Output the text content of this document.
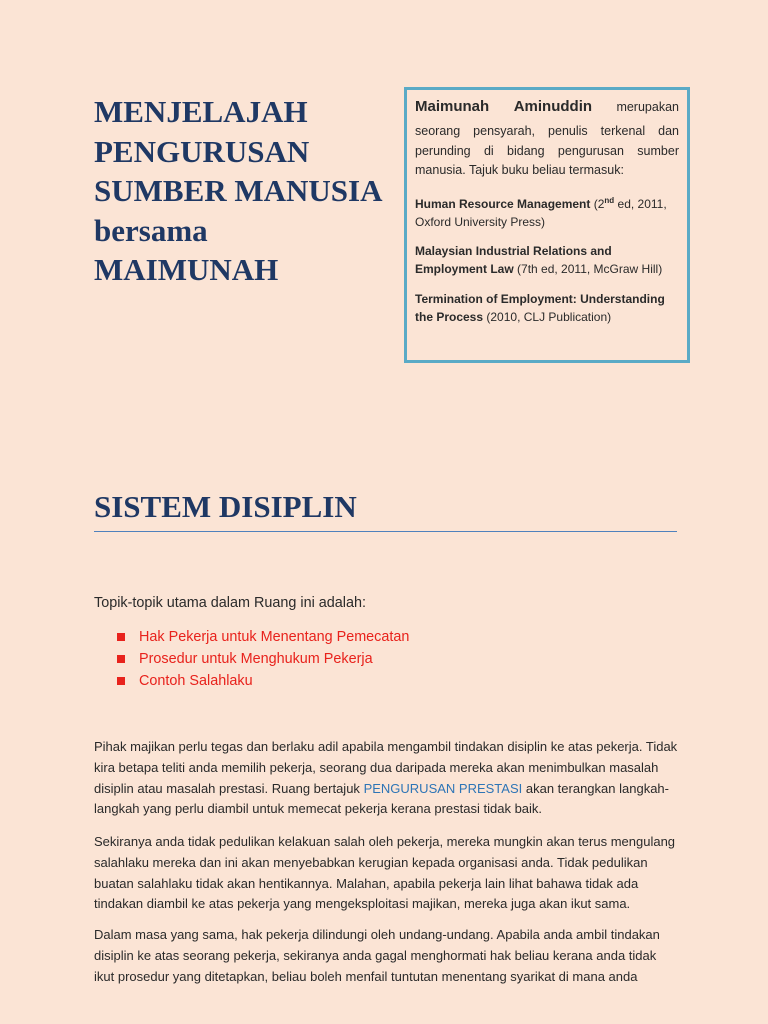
MENJELAJAH
PENGURUSAN
SUMBER MANUSIA
bersama
MAIMUNAH
Maimunah Aminuddin merupakan
seorang pensyarah, penulis terkenal dan
perunding di bidang pengurusan sumber
manusia. Tajuk buku beliau termasuk:
Human Resource Management (2nd ed, 2011,
Oxford University Press)
Malaysian Industrial Relations and
Employment Law (7th ed, 2011, McGraw Hill)
Termination of Employment: Understanding
the Process (2010, CLJ Publication)
SISTEM DISIPLIN
Topik-topik utama dalam Ruang ini adalah:
Hak Pekerja untuk Menentang Pemecatan
Prosedur untuk Menghukum Pekerja
Contoh Salahlaku
Pihak majikan perlu tegas dan berlaku adil apabila mengambil tindakan disiplin ke atas pekerja. Tidak
kira betapa teliti anda memilih pekerja, seorang dua daripada mereka akan menimbulkan masalah
disiplin atau masalah prestasi. Ruang bertajuk PENGURUSAN PRESTASI akan terangkan langkah-
langkah yang perlu diambil untuk memecat pekerja kerana prestasi tidak baik.
Sekiranya anda tidak pedulikan kelakuan salah oleh pekerja, mereka mungkin akan terus mengulang
salahlaku mereka dan ini akan menyebabkan kerugian kepada organisasi anda. Tidak pedulikan
buatan salahlaku tidak akan hentikannya. Malahan, apabila pekerja lain lihat bahawa tidak ada
tindakan diambil ke atas pekerja yang mengeksploitasi majikan, mereka juga akan ikut sama.
Dalam masa yang sama, hak pekerja dilindungi oleh undang-undang. Apabila anda ambil tindakan
disiplin ke atas seorang pekerja, sekiranya anda gagal menghormati hak beliau kerana anda tidak
ikut prosedur yang ditetapkan, beliau boleh menfail tuntutan menentang syarikat di mana anda
